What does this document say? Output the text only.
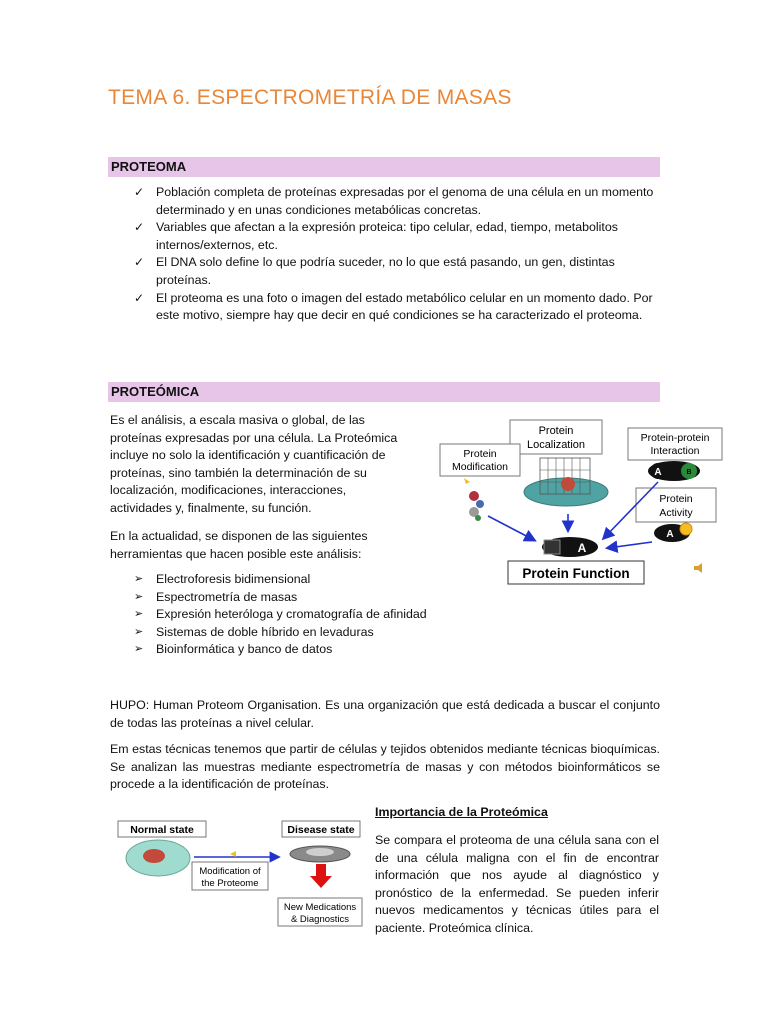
TEMA 6. ESPECTROMETRÍA DE MASAS
PROTEOMA
✓ Población completa de proteínas expresadas por el genoma de una célula en un momento determinado y en unas condiciones metabólicas concretas.
✓ Variables que afectan a la expresión proteica: tipo celular, edad, tiempo, metabolitos internos/externos, etc.
✓ El DNA solo define lo que podría suceder, no lo que está pasando, un gen, distintas proteínas.
✓ El proteoma es una foto o imagen del estado metabólico celular en un momento dado. Por este motivo, siempre hay que decir en qué condiciones se ha caracterizado el proteoma.
PROTEÓMICA

Es el análisis, a escala masiva o global, de las proteínas expresadas por una célula. La Proteómica incluye no solo la identificación y cuantificación de proteínas, sino también la determinación de su localización, modificaciones, interacciones, actividades y, finalmente, su función.

En la actualidad, se disponen de las siguientes herramientas que hacen posible este análisis:

➢ Electroforesis bidimensional
➢ Espectrometría de masas
➢ Expresión heteróloga y cromatografía de afinidad
➢ Sistemas de doble híbrido en levaduras
➢ Bioinformática y banco de datos
Protein
Localization
Protein
Modification
Protein-protein
Interaction
Protein
Activity
A	B
A
A
Protein Function

HUPO: Human Proteom Organisation. Es una organización que está dedicada a buscar el conjunto de todas las proteínas a nivel celular.

Em estas técnicas tenemos que partir de células y tejidos obtenidos mediante técnicas bioquímicas. Se analizan las muestras mediante espectrometría de masas y con métodos bioinformáticos se procede a la identificación de proteínas.

Normal state	Disease state
Modification of
the Proteome
New Medications
& Diagnostics

Importancia de la Proteómica

Se compara el proteoma de una célula sana con el de una célula maligna con el fin de encontrar información que nos ayude al diagnóstico y pronóstico de la enfermedad. Se pueden inferir nuevos medicamentos y técnicas útiles para el paciente. Proteómica clínica.
